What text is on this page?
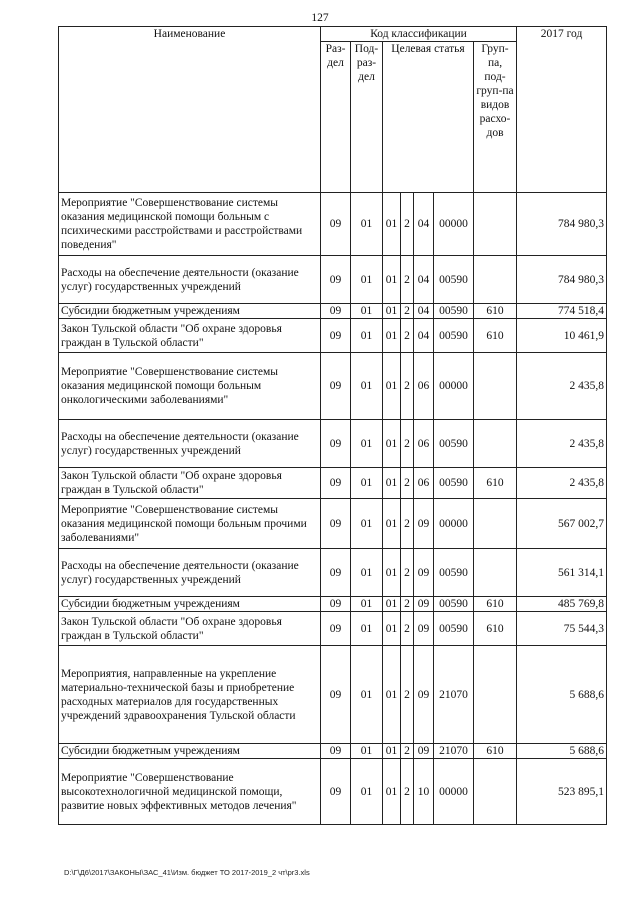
127
Наименование	Код классификации							2017 год
	Раз-дел	Под-раз-дел	Целевая статья				Груп-па, под-груп-па видов расхо-дов	
Мероприятие "Совершенствование системы оказания медицинской помощи больным с психическими расстройствами и расстройствами поведения"	09	01	01	2	04	00000		784 980,3
Расходы на обеспечение деятельности (оказание услуг) государственных учреждений	09	01	01	2	04	00590		784 980,3
Субсидии бюджетным учреждениям	09	01	01	2	04	00590	610	774 518,4
Закон Тульской области "Об охране здоровья граждан в Тульской области"	09	01	01	2	04	00590	610	10 461,9
Мероприятие "Совершенствование системы оказания медицинской помощи больным онкологическими заболеваниями"	09	01	01	2	06	00000		2 435,8
Расходы на обеспечение деятельности (оказание услуг) государственных учреждений	09	01	01	2	06	00590		2 435,8
Закон Тульской области "Об охране здоровья граждан в Тульской области"	09	01	01	2	06	00590	610	2 435,8
Мероприятие "Совершенствование системы оказания медицинской помощи больным прочими заболеваниями"	09	01	01	2	09	00000		567 002,7
Расходы на обеспечение деятельности (оказание услуг) государственных учреждений	09	01	01	2	09	00590		561 314,1
Субсидии бюджетным учреждениям	09	01	01	2	09	00590	610	485 769,8
Закон Тульской области "Об охране здоровья граждан в Тульской области"	09	01	01	2	09	00590	610	75 544,3
Мероприятия, направленные на укрепление материально-технической базы и приобретение расходных материалов для государственных учреждений здравоохранения Тульской области	09	01	01	2	09	21070		5 688,6
Субсидии бюджетным учреждениям	09	01	01	2	09	21070	610	5 688,6
Мероприятие "Совершенствование высокотехнологичной медицинской помощи, развитие новых эффективных методов лечения"	09	01	01	2	10	00000		523 895,1
D:\Г\Д6\2017\ЗАКОНЫ\ЗАС_41\Изм. бюджет ТО 2017-2019_2 чт\pr3.xls
